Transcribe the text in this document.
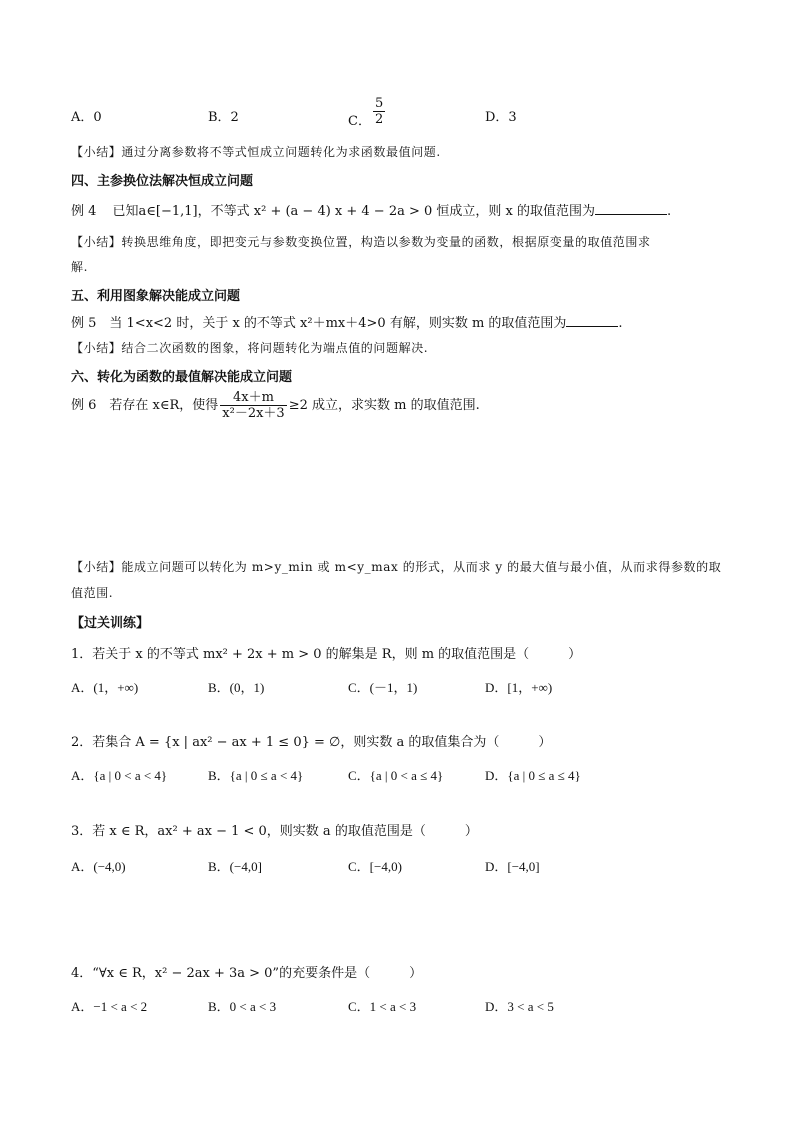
A．0	B．2	C． $\frac{5}{2}$	D．3
【小结】通过分离参数将不等式恒成立问题转化为求函数最值问题.
四、主参换位法解决恒成立问题
例 4 已知a∈[−1,1]，不等式 x² + (a − 4) x + 4 − 2a > 0 恒成立，则 x 的取值范围为	.
【小结】转换思维角度，即把变元与参数变换位置，构造以参数为变量的函数，根据原变量的取值范围求
解.
五、利用图象解决能成立问题
例 5　当 1<x<2 时，关于 x 的不等式 x²＋mx＋4>0 有解，则实数 m 的取值范围为	.
【小结】结合二次函数的图象，将问题转化为端点值的问题解决.
六、转化为函数的最值解决能成立问题
例 6　若存在 x∈R，使得 $\frac{4x+m}{\text{x²－2x＋3}} \ge 2$ 成立，求实数 m 的取值范围.
【小结】能成立问题可以转化为 m>y_min 或 m<y_max 的形式，从而求 y 的最大值与最小值，从而求得参数的取
值范围.
【过关训练】
1．若关于 x 的不等式 mx² + 2x + m > 0 的解集是 R，则 m 的取值范围是（　　　）
A．(1，+∞)	B．(0，1)	C．(－1，1)	D．[1，+∞)
2．若集合 A = {x | ax² − ax + 1 ≤ 0} = ∅，则实数 a 的取值集合为（　　　）
A．{a | 0 < a < 4}	B．{a | 0 ≤ a < 4}	C．{a | 0 < a ≤ 4}	D．{a | 0 ≤ a ≤ 4}
3．若 x ∈ R，ax² + ax − 1 < 0，则实数 a 的取值范围是（　　　）
A．(−4,0)	B．(−4,0]	C．[−4,0)	D．[−4,0]
4．“∀x ∈ R，x² − 2ax + 3a > 0”的充要条件是（　　　）
A．−1 < a < 2	B．0 < a < 3	C．1 < a < 3	D．3 < a < 5
